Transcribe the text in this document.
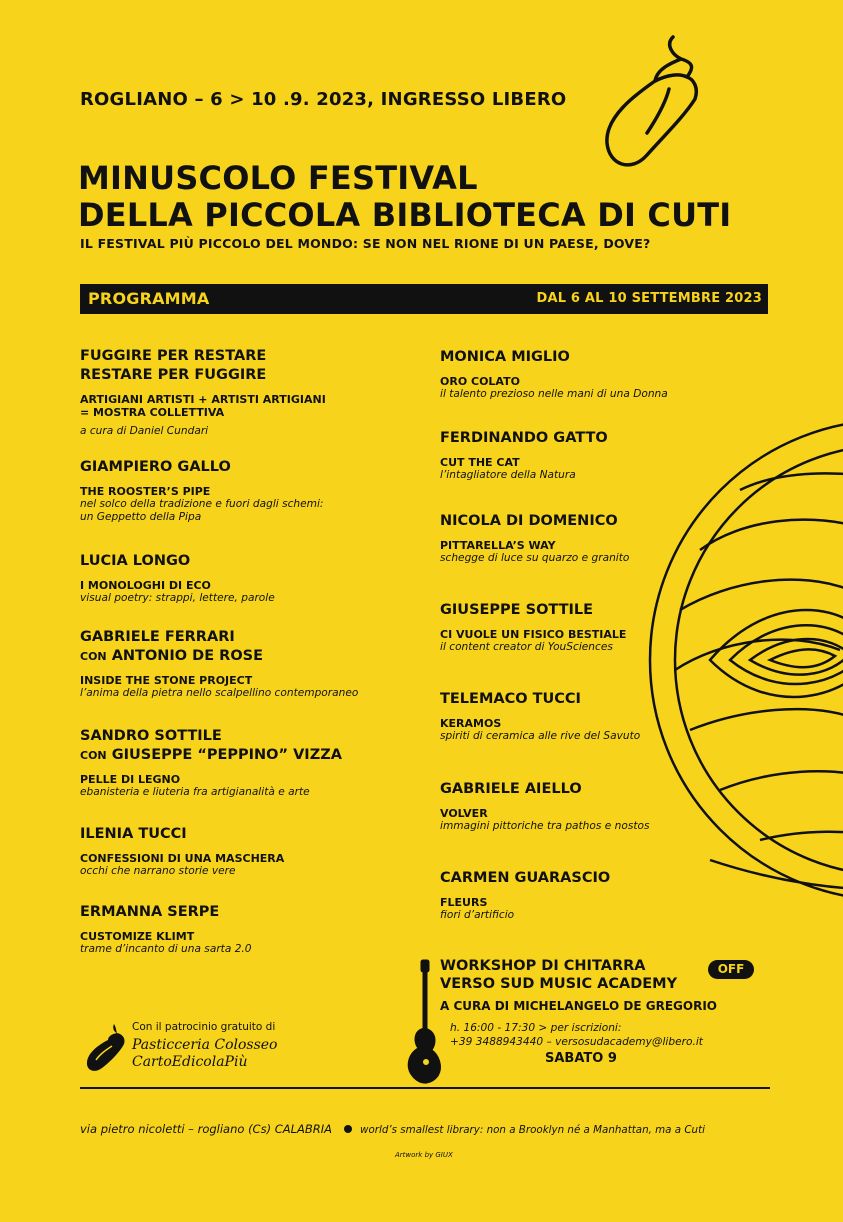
ROGLIANO – 6 > 10 .9. 2023, INGRESSO LIBERO
MINUSCOLO FESTIVAL
DELLA PICCOLA BIBLIOTECA DI CUTI
IL FESTIVAL PIÙ PICCOLO DEL MONDO: SE NON NEL RIONE DI UN PAESE, DOVE?
PROGRAMMA	DAL 6 AL 10 SETTEMBRE 2023
FUGGIRE PER RESTARE
RESTARE PER FUGGIRE
ARTIGIANI ARTISTI + ARTISTI ARTIGIANI
= MOSTRA COLLETTIVA
a cura di Daniel Cundari
GIAMPIERO GALLO
THE ROOSTER’S PIPE
nel solco della tradizione e fuori dagli schemi:
un Geppetto della Pipa
LUCIA LONGO
I MONOLOGHI DI ECO
visual poetry: strappi, lettere, parole
GABRIELE FERRARI
CON ANTONIO DE ROSE
INSIDE THE STONE PROJECT
l’anima della pietra nello scalpellino contemporaneo
SANDRO SOTTILE
CON GIUSEPPE “PEPPINO” VIZZA
PELLE DI LEGNO
ebanisteria e liuteria fra artigianalità e arte
ILENIA TUCCI
CONFESSIONI DI UNA MASCHERA
occhi che narrano storie vere
ERMANNA SERPE
CUSTOMIZE KLIMT
trame d’incanto di una sarta 2.0
MONICA MIGLIO
ORO COLATO
il talento prezioso nelle mani di una Donna
FERDINANDO GATTO
CUT THE CAT
l’intagliatore della Natura
NICOLA DI DOMENICO
PITTARELLA’S WAY
schegge di luce su quarzo e granito
GIUSEPPE SOTTILE
CI VUOLE UN FISICO BESTIALE
il content creator di YouSciences
TELEMACO TUCCI
KERAMOS
spiriti di ceramica alle rive del Savuto
GABRIELE AIELLO
VOLVER
immagini pittoriche tra pathos e nostos
CARMEN GUARASCIO
FLEURS
fiori d’artificio
WORKSHOP DI CHITARRA
VERSO SUD MUSIC ACADEMY
A CURA DI MICHELANGELO DE GREGORIO
h. 16:00 - 17:30 > per iscrizioni:
+39 3488943440 – versosudacademy@libero.it
SABATO 9
OFF
Con il patrocinio gratuito di
Pasticceria Colosseo
CartoEdicolaPiù
via pietro nicoletti – rogliano (Cs) CALABRIA	world’s smallest library: non a Brooklyn né a Manhattan, ma a Cuti
Artwork by GIUX
